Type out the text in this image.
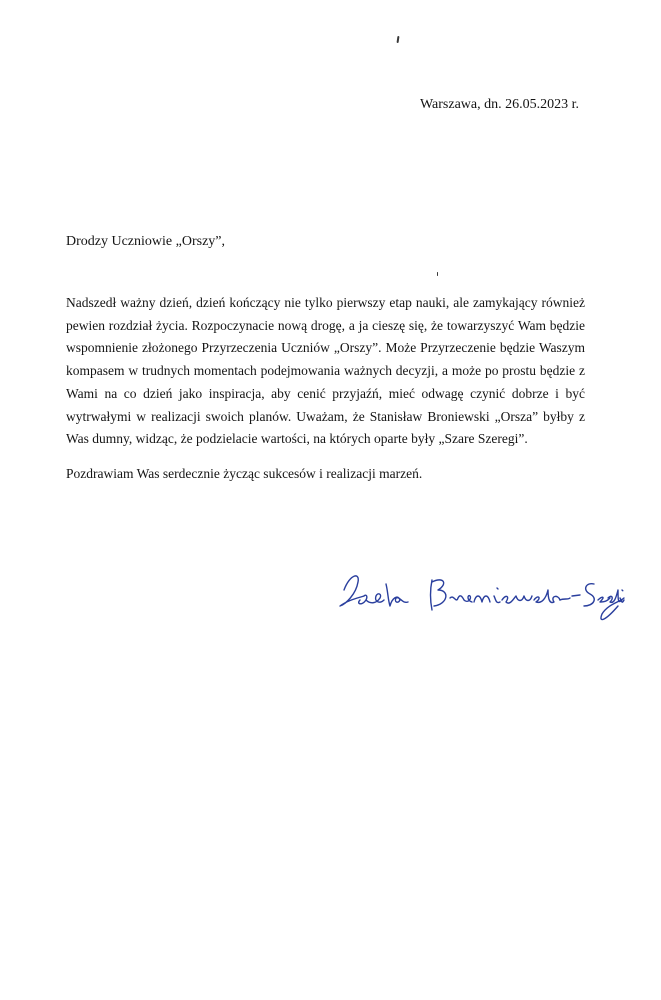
Warszawa, dn. 26.05.2023 r.
Drodzy Uczniowie „Orszy”,

Nadszedł ważny dzień, dzień kończący nie tylko pierwszy etap nauki, ale zamykający również pewien rozdział życia. Rozpoczynacie nową drogę, a ja cieszę się, że towarzyszyć Wam będzie wspomnienie złożonego Przyrzeczenia Uczniów „Orszy”. Może Przyrzeczenie będzie Waszym kompasem w trudnych momentach podejmowania ważnych decyzji, a może po prostu będzie z Wami na co dzień jako inspiracja, aby cenić przyjaźń, mieć odwagę czynić dobrze i być wytrwałymi w realizacji swoich planów. Uważam, że Stanisław Broniewski „Orsza” byłby z Was dumny, widząc, że podzielacie wartości, na których oparte były „Szare Szeregi”.

Pozdrawiam Was serdecznie życząc sukcesów i realizacji marzeń.
